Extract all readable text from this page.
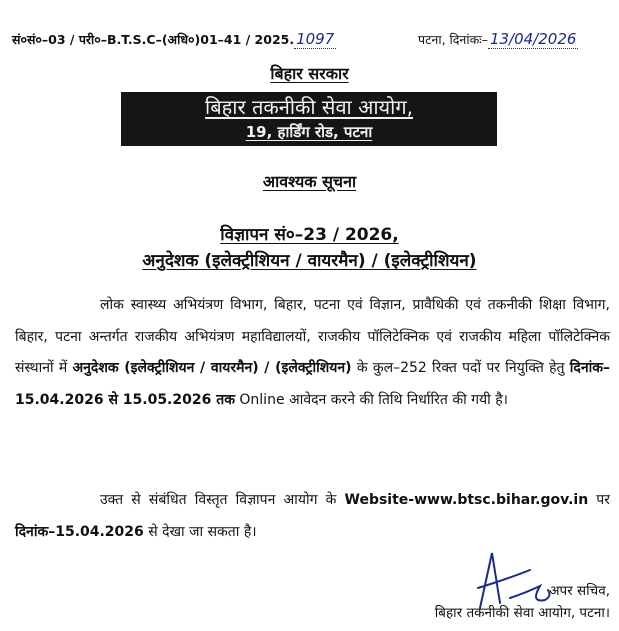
सं०सं०–03 / परी०–B.T.S.C–(अधि०)01–41 / 2025. 1097	पटना, दिनांकः– 13/04/2026
बिहार सरकार
बिहार तकनीकी सेवा आयोग,
19, हार्डिंग रोड, पटना
आवश्यक सूचना
विज्ञापन सं०–23 / 2026,
अनुदेशक (इलेक्ट्रीशियन / वायरमैन) / (इलेक्ट्रीशियन)
लोक स्वास्थ्य अभियंत्रण विभाग, बिहार, पटना एवं विज्ञान, प्रावैधिकी एवं तकनीकी शिक्षा विभाग, बिहार, पटना अन्तर्गत राजकीय अभियंत्रण महाविद्यालयों, राजकीय पॉलिटेक्निक एवं राजकीय महिला पॉलिटेक्निक संस्थानों में अनुदेशक (इलेक्ट्रीशियन / वायरमैन) / (इलेक्ट्रीशियन) के कुल–252 रिक्त पदों पर नियुक्ति हेतु दिनांक–15.04.2026 से 15.05.2026 तक Online आवेदन करने की तिथि निर्धारित की गयी है।
उक्त से संबंधित विस्तृत विज्ञापन आयोग के Website-www.btsc.bihar.gov.in पर दिनांक–15.04.2026 से देखा जा सकता है।
अपर सचिव,
बिहार तकनीकी सेवा आयोग, पटना।
